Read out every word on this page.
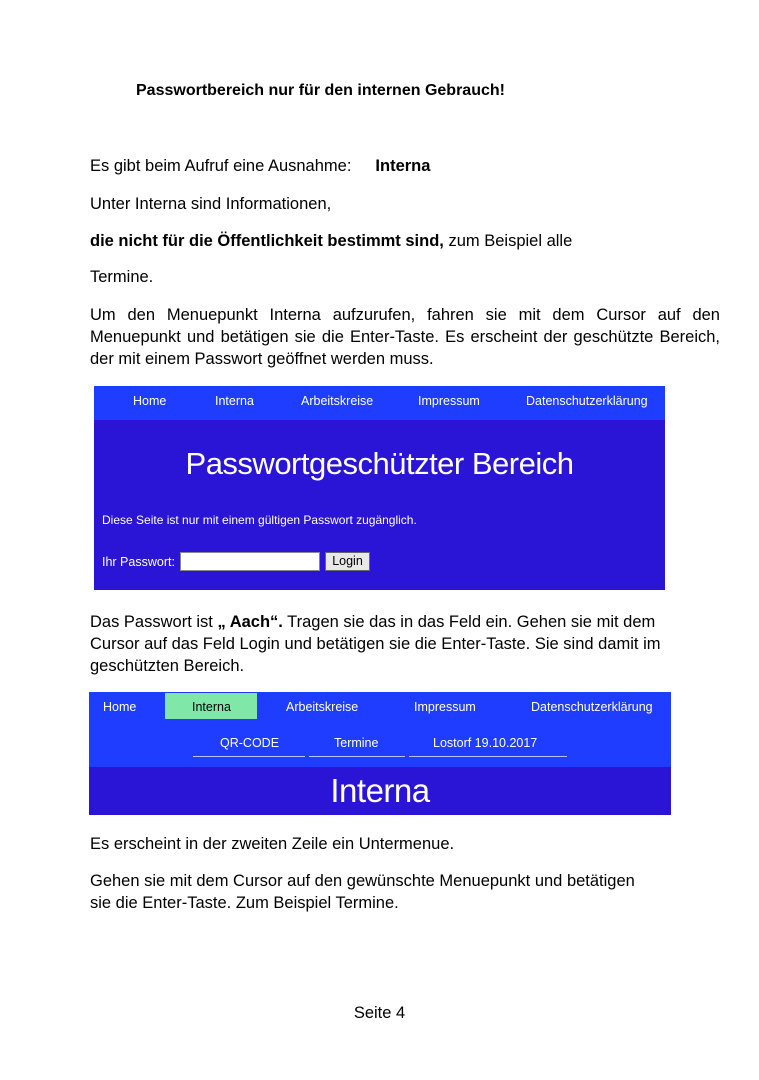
Passwortbereich nur für den internen Gebrauch!
Es gibt beim Aufruf eine Ausnahme: Interna
Unter Interna sind Informationen,
die nicht für die Öffentlichkeit bestimmt sind, zum Beispiel alle
Termine.
Um den Menuepunkt Interna aufzurufen, fahren sie mit dem Cursor auf den Menuepunkt und betätigen sie die Enter-Taste. Es erscheint der geschützte Bereich, der mit einem Passwort geöffnet werden muss.
Home	Interna	Arbeitskreise	Impressum	Datenschutzerklärung
Passwortgeschützter Bereich
Diese Seite ist nur mit einem gültigen Passwort zugänglich.
Ihr Passwort:	Login
Das Passwort ist „ Aach“. Tragen sie das in das Feld ein. Gehen sie mit dem
Cursor auf das Feld Login und betätigen sie die Enter-Taste. Sie sind damit im
geschützten Bereich.
Home	Interna	Arbeitskreise	Impressum	Datenschutzerklärung
QR-CODE	Termine	Lostorf 19.10.2017
Interna
Es erscheint in der zweiten Zeile ein Untermenue.
Gehen sie mit dem Cursor auf den gewünschte Menuepunkt und betätigen
sie die Enter-Taste. Zum Beispiel Termine.
Seite 4
